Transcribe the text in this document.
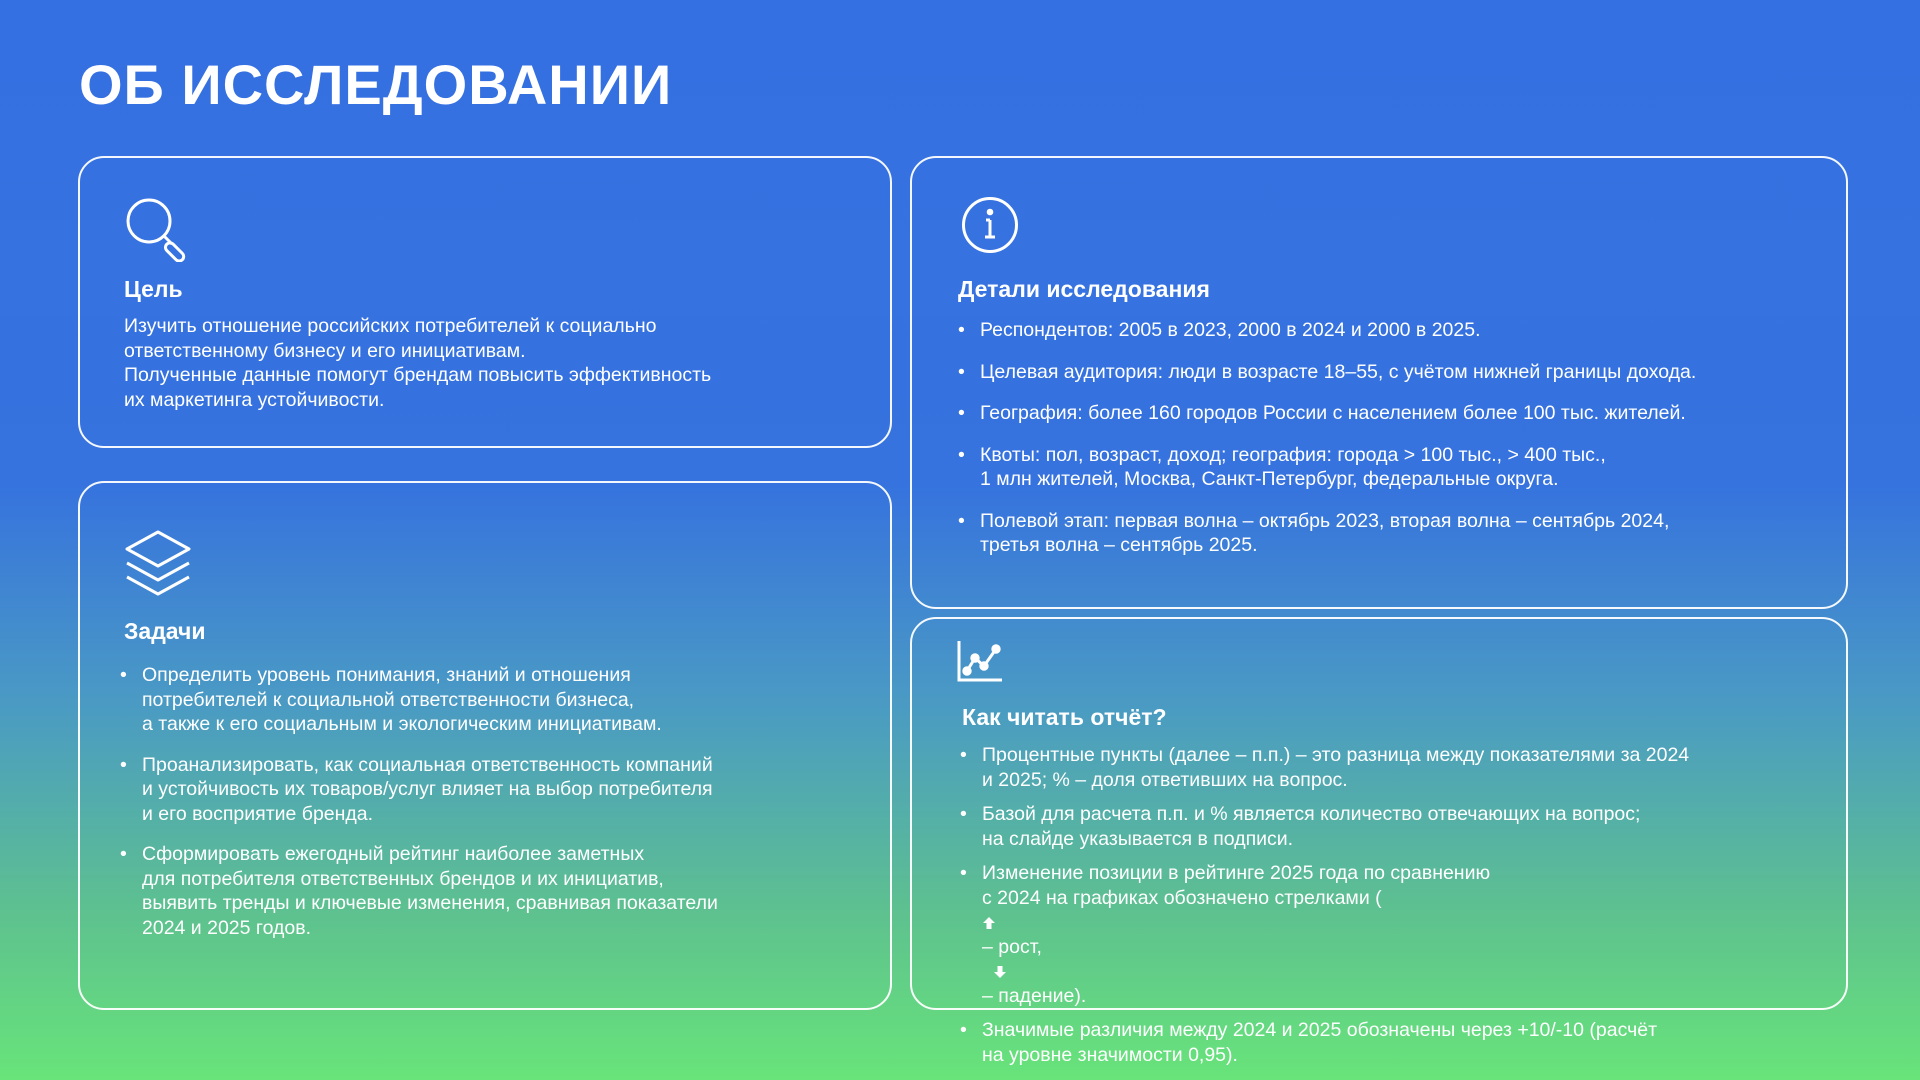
ОБ ИССЛЕДОВАНИИ
Цель

Изучить отношение российских потребителей к социально
ответственному бизнесу и его инициативам.
Полученные данные помогут брендам повысить эффективность
их маркетинга устойчивости.

Задачи
• Определить уровень понимания, знаний и отношения
потребителей к социальной ответственности бизнеса,
а также к его социальным и экологическим инициативам.
• Проанализировать, как социальная ответственность компаний
и устойчивость их товаров/услуг влияет на выбор потребителя
и его восприятие бренда.
• Сформировать ежегодный рейтинг наиболее заметных
для потребителя ответственных брендов и их инициатив,
выявить тренды и ключевые изменения, сравнивая показатели
2024 и 2025 годов.
Детали исследования
• Респондентов: 2005 в 2023, 2000 в 2024 и 2000 в 2025.
• Целевая аудитория: люди в возрасте 18–55, с учётом нижней границы дохода.
• География: более 160 городов России с населением более 100 тыс. жителей.
• Квоты: пол, возраст, доход; география: города > 100 тыс., > 400 тыс.,
1 млн жителей, Москва, Санкт-Петербург, федеральные округа.
• Полевой этап: первая волна – октябрь 2023, вторая волна – сентябрь 2024,
третья волна – сентябрь 2025.
Как читать отчёт?
• Процентные пункты (далее – п.п.) – это разница между показателями за 2024
и 2025; % – доля ответивших на вопрос.
• Базой для расчета п.п. и % является количество отвечающих на вопрос;
на слайде указывается в подписи.
• Изменение позиции в рейтинге 2025 года по сравнению
с 2024 на графиках обозначено стрелками (
– рост,

– падение).
• Значимые различия между 2024 и 2025 обозначены через +10/-10 (расчёт
на уровне значимости 0,95).
